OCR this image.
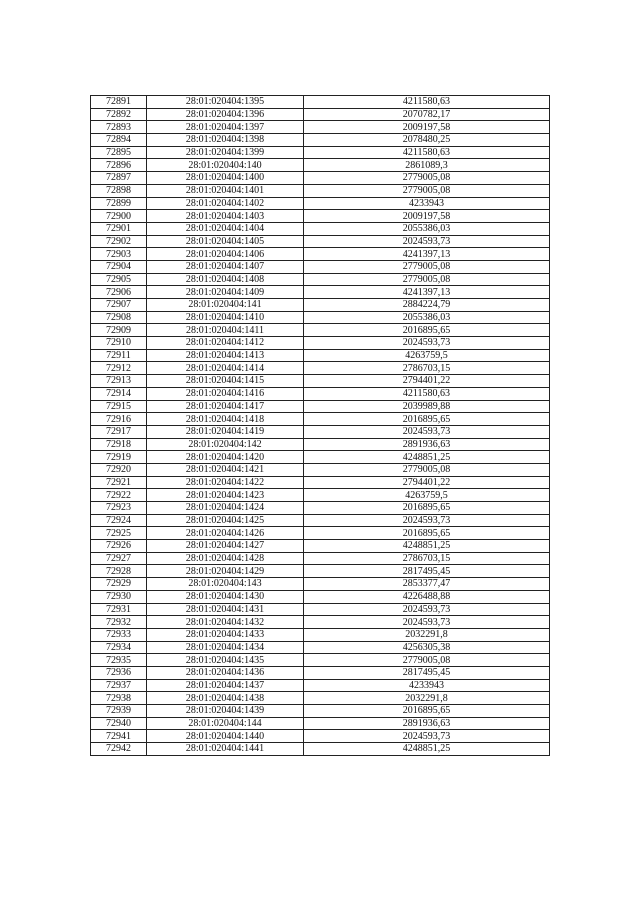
72891	28:01:020404:1395	4211580,63
72892	28:01:020404:1396	2070782,17
72893	28:01:020404:1397	2009197,58
72894	28:01:020404:1398	2078480,25
72895	28:01:020404:1399	4211580,63
72896	28:01:020404:140	2861089,3
72897	28:01:020404:1400	2779005,08
72898	28:01:020404:1401	2779005,08
72899	28:01:020404:1402	4233943
72900	28:01:020404:1403	2009197,58
72901	28:01:020404:1404	2055386,03
72902	28:01:020404:1405	2024593,73
72903	28:01:020404:1406	4241397,13
72904	28:01:020404:1407	2779005,08
72905	28:01:020404:1408	2779005,08
72906	28:01:020404:1409	4241397,13
72907	28:01:020404:141	2884224,79
72908	28:01:020404:1410	2055386,03
72909	28:01:020404:1411	2016895,65
72910	28:01:020404:1412	2024593,73
72911	28:01:020404:1413	4263759,5
72912	28:01:020404:1414	2786703,15
72913	28:01:020404:1415	2794401,22
72914	28:01:020404:1416	4211580,63
72915	28:01:020404:1417	2039989,88
72916	28:01:020404:1418	2016895,65
72917	28:01:020404:1419	2024593,73
72918	28:01:020404:142	2891936,63
72919	28:01:020404:1420	4248851,25
72920	28:01:020404:1421	2779005,08
72921	28:01:020404:1422	2794401,22
72922	28:01:020404:1423	4263759,5
72923	28:01:020404:1424	2016895,65
72924	28:01:020404:1425	2024593,73
72925	28:01:020404:1426	2016895,65
72926	28:01:020404:1427	4248851,25
72927	28:01:020404:1428	2786703,15
72928	28:01:020404:1429	2817495,45
72929	28:01:020404:143	2853377,47
72930	28:01:020404:1430	4226488,88
72931	28:01:020404:1431	2024593,73
72932	28:01:020404:1432	2024593,73
72933	28:01:020404:1433	2032291,8
72934	28:01:020404:1434	4256305,38
72935	28:01:020404:1435	2779005,08
72936	28:01:020404:1436	2817495,45
72937	28:01:020404:1437	4233943
72938	28:01:020404:1438	2032291,8
72939	28:01:020404:1439	2016895,65
72940	28:01:020404:144	2891936,63
72941	28:01:020404:1440	2024593,73
72942	28:01:020404:1441	4248851,25
